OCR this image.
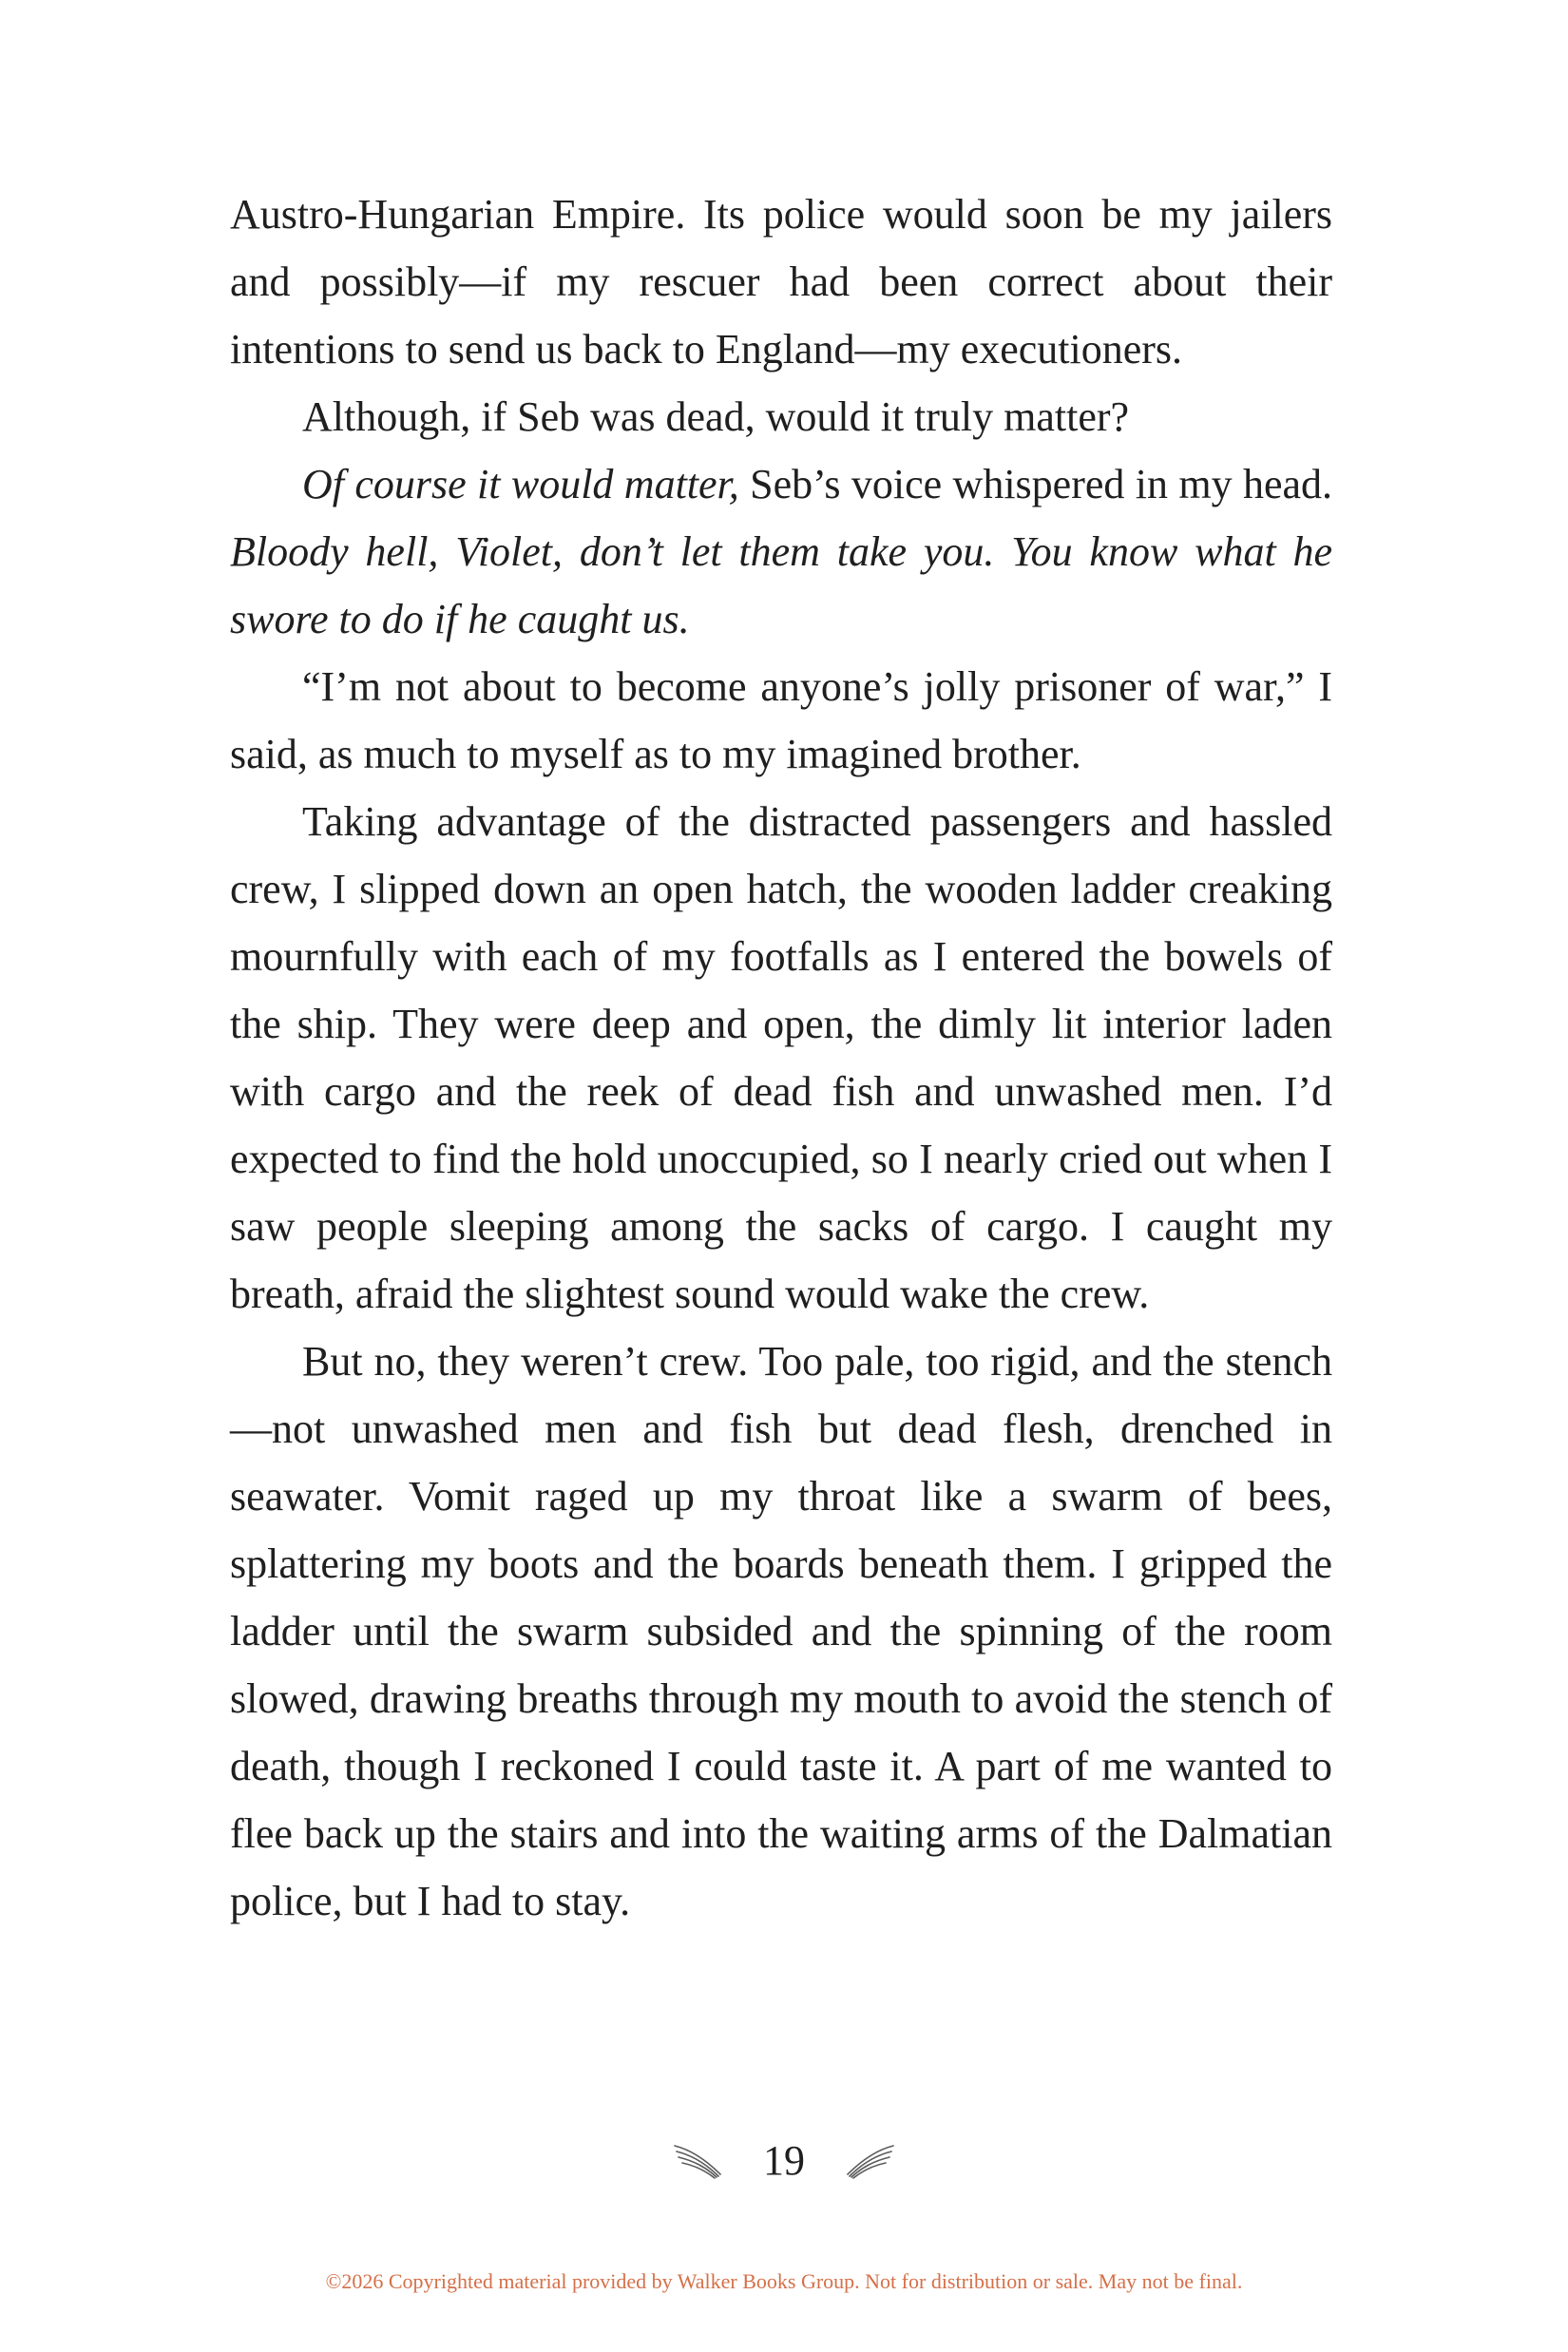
Austro-Hungarian Empire. Its police would soon be my jailers and possibly—if my rescuer had been correct about their intentions to send us back to England—my executioners.

Although, if Seb was dead, would it truly matter?

Of course it would matter, Seb’s voice whispered in my head. Bloody hell, Violet, don’t let them take you. You know what he swore to do if he caught us.

“I’m not about to become anyone’s jolly prisoner of war,” I said, as much to myself as to my imagined brother.

Taking advantage of the distracted passengers and hassled crew, I slipped down an open hatch, the wooden ladder creaking mournfully with each of my footfalls as I entered the bowels of the ship. They were deep and open, the dimly lit interior laden with cargo and the reek of dead fish and unwashed men. I’d expected to find the hold unoccupied, so I nearly cried out when I saw people sleeping among the sacks of cargo. I caught my breath, afraid the slightest sound would wake the crew.

But no, they weren’t crew. Too pale, too rigid, and the stench—not unwashed men and fish but dead flesh, drenched in seawater. Vomit raged up my throat like a swarm of bees, splattering my boots and the boards beneath them. I gripped the ladder until the swarm subsided and the spinning of the room slowed, drawing breaths through my mouth to avoid the stench of death, though I reckoned I could taste it. A part of me wanted to flee back up the stairs and into the waiting arms of the Dalmatian police, but I had to stay.

19
©2026 Copyrighted material provided by Walker Books Group. Not for distribution or sale. May not be final.
